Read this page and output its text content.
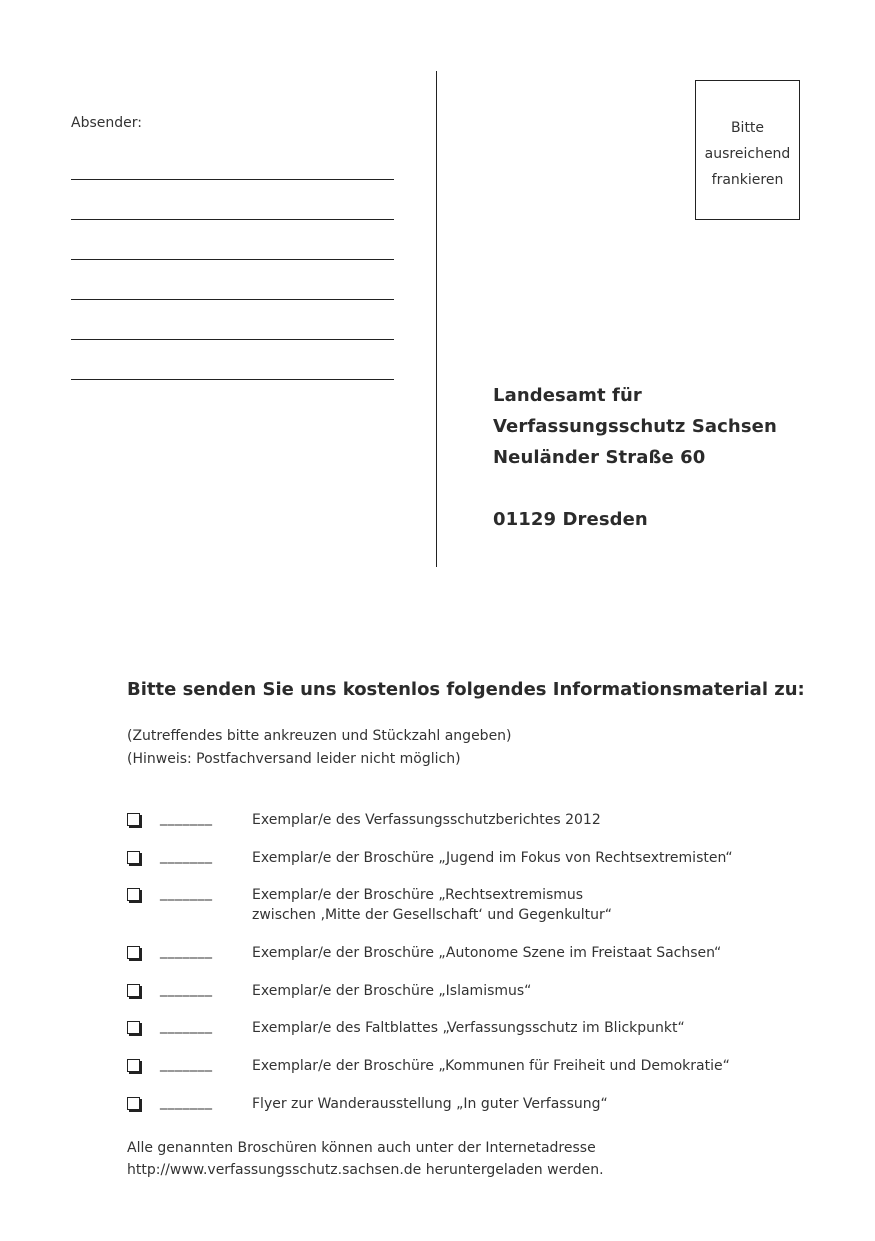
Absender:	Bitte
ausreichend
frankieren
Landesamt für
Verfassungsschutz Sachsen
Neuländer Straße 60
01129 Dresden
Bitte senden Sie uns kostenlos folgendes Informationsmaterial zu:
(Zutreffendes bitte ankreuzen und Stückzahl angeben)
(Hinweis: Postfachversand leider nicht möglich)
_______	Exemplar/e des Verfassungsschutzberichtes 2012
_______	Exemplar/e der Broschüre „Jugend im Fokus von Rechtsextremisten“
_______	Exemplar/e der Broschüre „Rechtsextremismus
zwischen ‚Mitte der Gesellschaft‘ und Gegenkultur“
_______	Exemplar/e der Broschüre „Autonome Szene im Freistaat Sachsen“
_______	Exemplar/e der Broschüre „Islamismus“
_______	Exemplar/e des Faltblattes „Verfassungsschutz im Blickpunkt“
_______	Exemplar/e der Broschüre „Kommunen für Freiheit und Demokratie“
_______	Flyer zur Wanderausstellung „In guter Verfassung“
Alle genannten Broschüren können auch unter der Internetadresse
http://www.verfassungsschutz.sachsen.de heruntergeladen werden.
